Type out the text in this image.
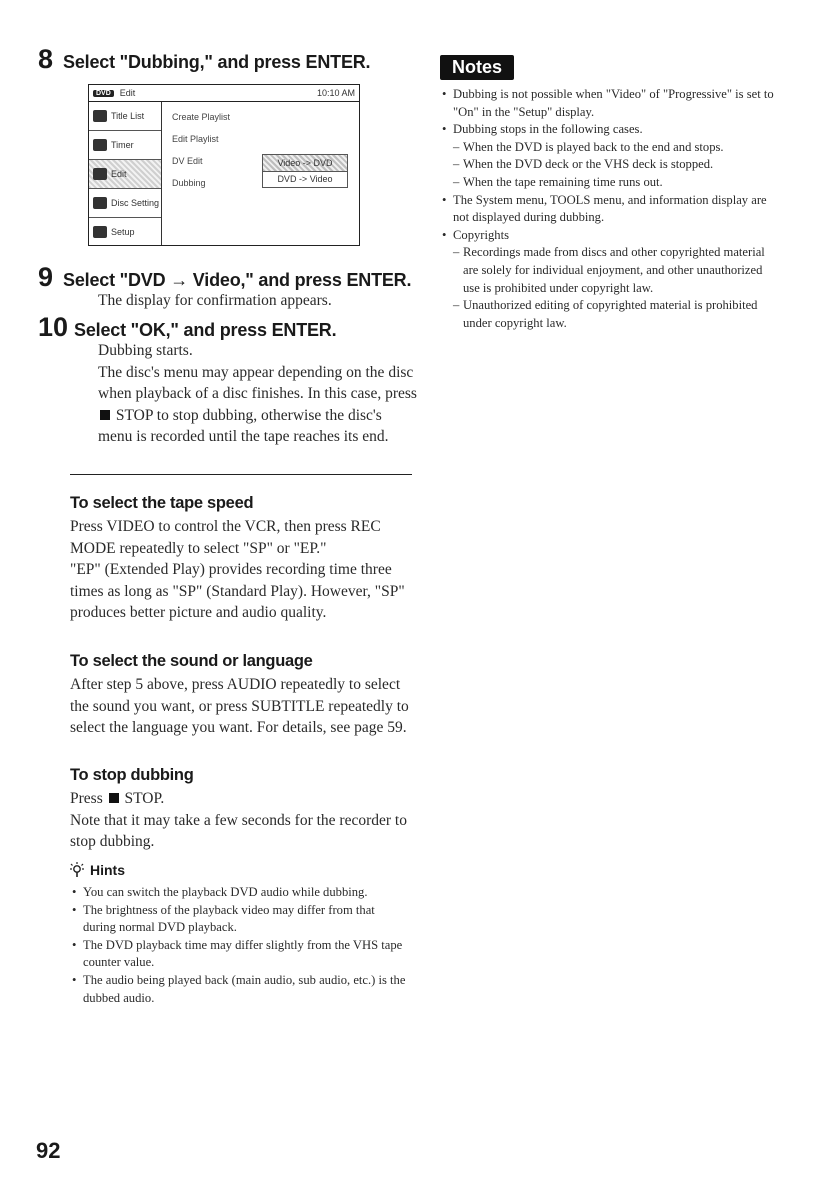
8 Select "Dubbing," and press ENTER.
DVD	Edit	10:10 AM
Title List
Timer
Edit
Disc Setting
Setup
Create Playlist
Edit Playlist
DV Edit
Dubbing
Video -> DVD
DVD -> Video
9 Select "DVD → Video," and press ENTER.
The display for confirmation appears.
10 Select "OK," and press ENTER.
Dubbing starts.
The disc's menu may appear depending on the disc when playback of a disc finishes. In this case, press  STOP to stop dubbing, otherwise the disc's menu is recorded until the tape reaches its end.
To select the tape speed
Press VIDEO to control the VCR, then press REC MODE repeatedly to select "SP" or "EP."
"EP" (Extended Play) provides recording time three times as long as "SP" (Standard Play). However, "SP" produces better picture and audio quality.
To select the sound or language
After step 5 above, press AUDIO repeatedly to select the sound you want, or press SUBTITLE repeatedly to select the language you want. For details, see page 59.
To stop dubbing
Press STOP.
Note that it may take a few seconds for the recorder to stop dubbing.
Hints
• You can switch the playback DVD audio while dubbing.
• The brightness of the playback video may differ from that during normal DVD playback.
• The DVD playback time may differ slightly from the VHS tape counter value.
• The audio being played back (main audio, sub audio, etc.) is the dubbed audio.
92
Notes
• Dubbing is not possible when "Video" of "Progressive" is set to "On" in the "Setup" display.
• Dubbing stops in the following cases.
– When the DVD is played back to the end and stops.
– When the DVD deck or the VHS deck is stopped.
– When the tape remaining time runs out.
• The System menu, TOOLS menu, and information display are not displayed during dubbing.
• Copyrights
– Recordings made from discs and other copyrighted material are solely for individual enjoyment, and other unauthorized use is prohibited under copyright law.
– Unauthorized editing of copyrighted material is prohibited under copyright law.
